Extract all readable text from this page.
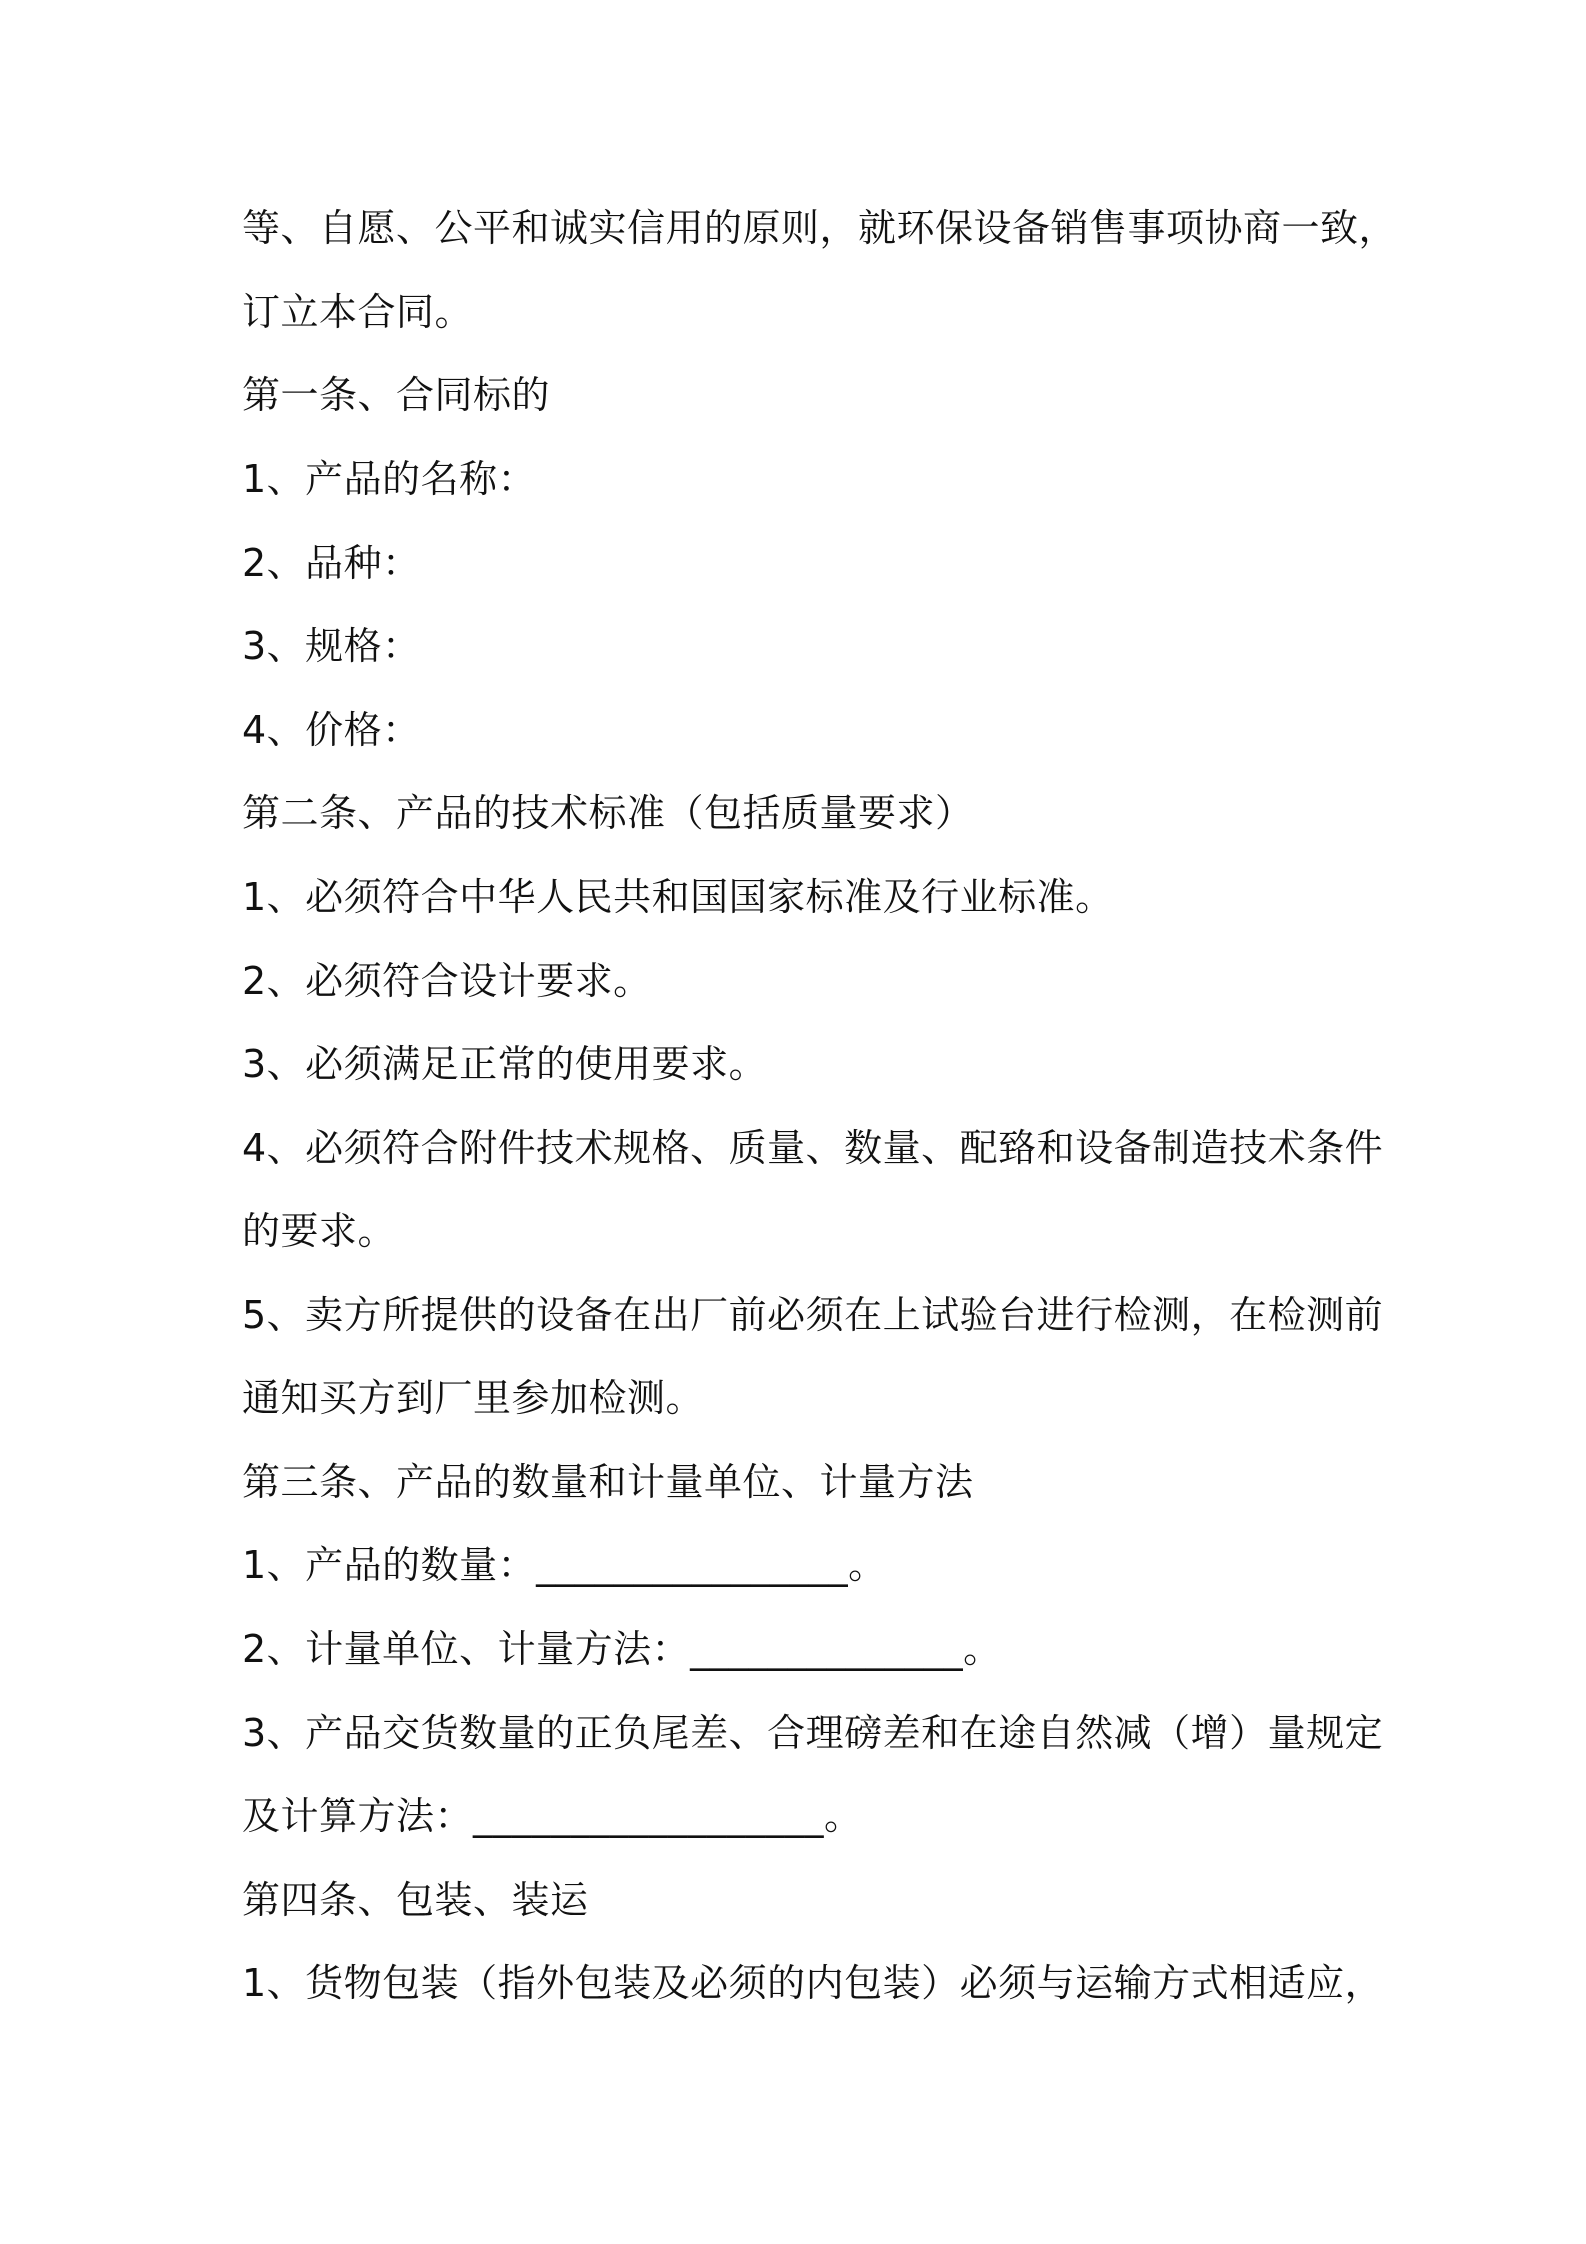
等、自愿、公平和诚实信用的原则，就环保设备销售事项协商一致，
订立本合同。
第一条、合同标的
1、产品的名称：
2、品种：
3、规格：
4、价格：
第二条、产品的技术标准（包括质量要求）
1、必须符合中华人民共和国国家标准及行业标准。
2、必须符合设计要求。
3、必须满足正常的使用要求。
4、必须符合附件技术规格、质量、数量、配臵和设备制造技术条件
的要求。
5、卖方所提供的设备在出厂前必须在上试验台进行检测，在检测前
通知买方到厂里参加检测。
第三条、产品的数量和计量单位、计量方法
1、产品的数量：________________。
2、计量单位、计量方法：______________。
3、产品交货数量的正负尾差、合理磅差和在途自然减（增）量规定
及计算方法：__________________。
第四条、包装、装运
1、货物包装（指外包装及必须的内包装）必须与运输方式相适应，
